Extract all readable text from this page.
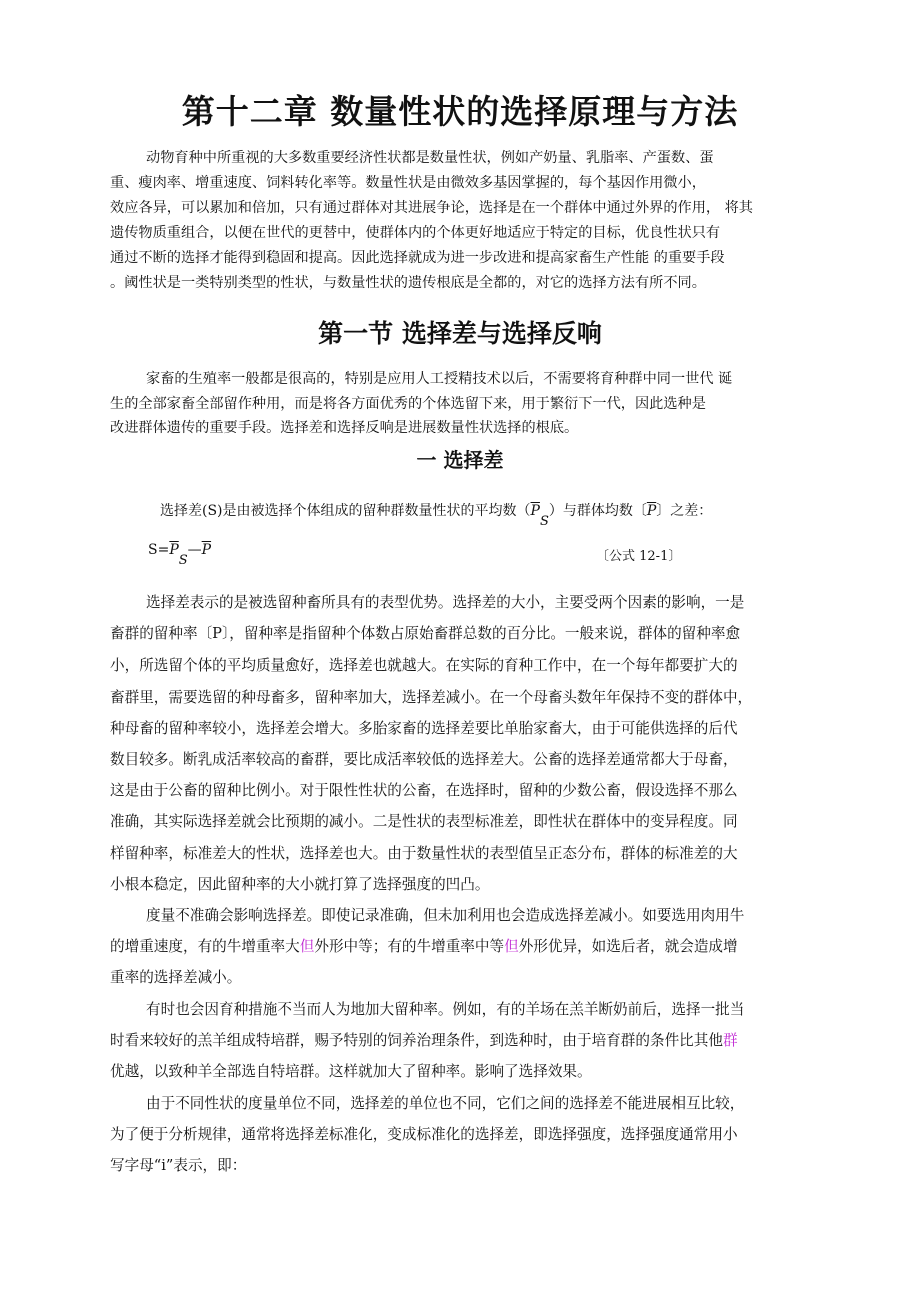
第十二章 数量性状的选择原理与方法

动物育种中所重视的大多数重要经济性状都是数量性状，例如产奶量、乳脂率、产蛋数、蛋

重、瘦肉率、增重速度、饲料转化率等。数量性状是由微效多基因掌握的，每个基因作用微小，

效应各异，可以累加和倍加，只有通过群体对其进展争论，选择是在一个群体中通过外界的作用， 将其

遗传物质重组合，以便在世代的更替中，使群体内的个体更好地适应于特定的目标，优良性状只有

通过不断的选择才能得到稳固和提高。因此选择就成为进一步改进和提高家畜生产性能 的重要手段

。阈性状是一类特别类型的性状，与数量性状的遗传根底是全都的，对它的选择方法有所不同。

第一节 选择差与选择反响

家畜的生殖率一般都是很高的，特别是应用人工授精技术以后，不需要将育种群中同一世代 诞

生的全部家畜全部留作种用，而是将各方面优秀的个体选留下来，用于繁衍下一代，因此选种是

改进群体遗传的重要手段。选择差和选择反响是进展数量性状选择的根底。

一 选择差
选择差(S)是由被选择个体组成的留种群数量性状的平均数$(\overline{P}S)$与群体均数〔$\overline{P}$〕之差：
$S=\overline{P}S—\overline{P}$	〔公式 12-1〕

选择差表示的是被选留种畜所具有的表型优势。选择差的大小，主要受两个因素的影响，一是

畜群的留种率〔P〕，留种率是指留种个体数占原始畜群总数的百分比。一般来说，群体的留种率愈

小，所选留个体的平均质量愈好，选择差也就越大。在实际的育种工作中，在一个每年都要扩大的

畜群里，需要选留的种母畜多，留种率加大，选择差减小。在一个母畜头数年年保持不变的群体中，

种母畜的留种率较小，选择差会增大。多胎家畜的选择差要比单胎家畜大，由于可能供选择的后代

数目较多。断乳成活率较高的畜群，要比成活率较低的选择差大。公畜的选择差通常都大于母畜，

这是由于公畜的留种比例小。对于限性性状的公畜，在选择时，留种的少数公畜，假设选择不那么

准确，其实际选择差就会比预期的减小。二是性状的表型标准差，即性状在群体中的变异程度。同

样留种率，标准差大的性状，选择差也大。由于数量性状的表型值呈正态分布，群体的标准差的大

小根本稳定，因此留种率的大小就打算了选择强度的凹凸。

度量不准确会影响选择差。即使记录准确，但未加利用也会造成选择差减小。如要选用肉用牛

的增重速度，有的牛增重率大但外形中等；有的牛增重率中等但外形优异，如选后者，就会造成增

重率的选择差减小。

有时也会因育种措施不当而人为地加大留种率。例如，有的羊场在羔羊断奶前后，选择一批当

时看来较好的羔羊组成特培群，赐予特别的饲养治理条件，到选种时，由于培育群的条件比其他群

优越，以致种羊全部选自特培群。这样就加大了留种率。影响了选择效果。

由于不同性状的度量单位不同，选择差的单位也不同，它们之间的选择差不能进展相互比较，

为了便于分析规律，通常将选择差标准化，变成标准化的选择差，即选择强度，选择强度通常用小

写字母“i”表示，即：
